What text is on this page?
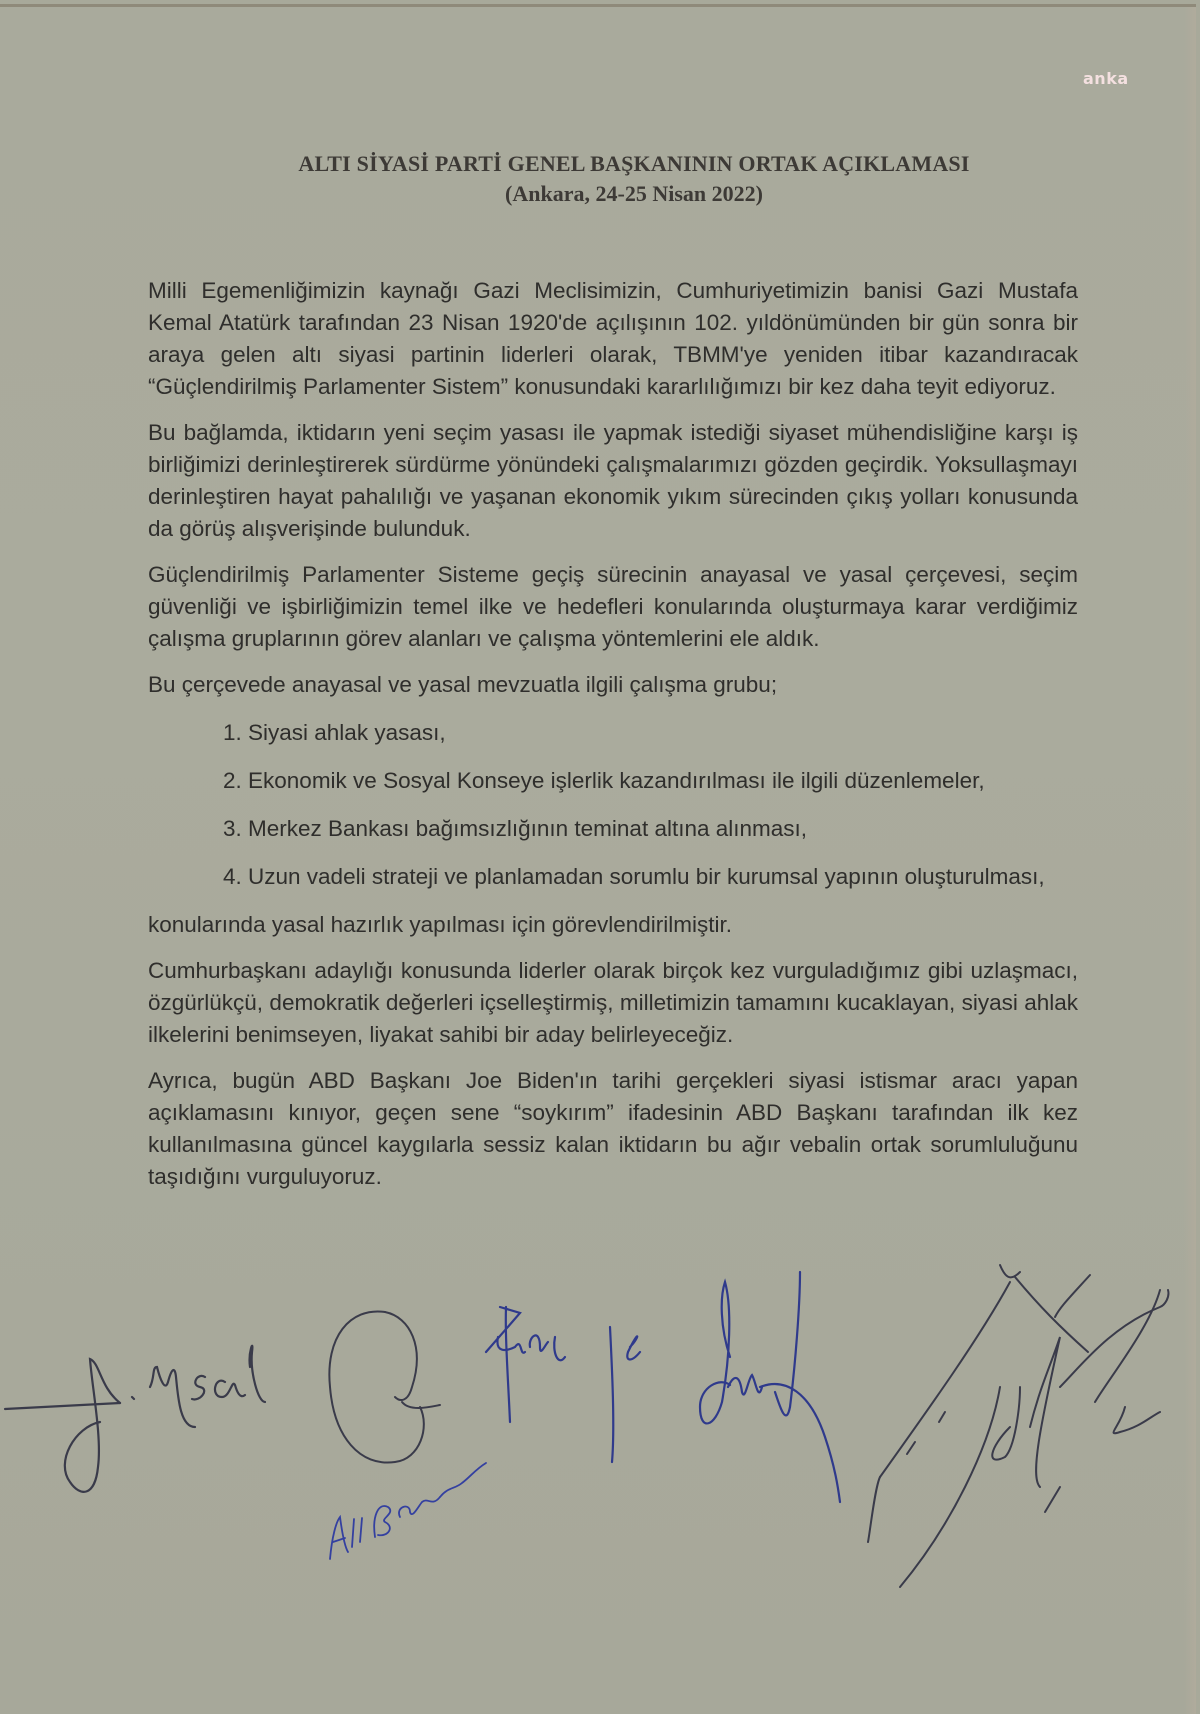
anka
ALTI SİYASİ PARTİ GENEL BAŞKANININ ORTAK AÇIKLAMASI
(Ankara, 24-25 Nisan 2022)

Milli Egemenliğimizin kaynağı Gazi Meclisimizin, Cumhuriyetimizin banisi Gazi Mustafa Kemal Atatürk tarafından 23 Nisan 1920'de açılışının 102. yıldönümünden bir gün sonra bir araya gelen altı siyasi partinin liderleri olarak, TBMM'ye yeniden itibar kazandıracak “Güçlendirilmiş Parlamenter Sistem” konusundaki kararlılığımızı bir kez daha teyit ediyoruz.

Bu bağlamda, iktidarın yeni seçim yasası ile yapmak istediği siyaset mühendisliğine karşı iş birliğimizi derinleştirerek sürdürme yönündeki çalışmalarımızı gözden geçirdik. Yoksullaşmayı derinleştiren hayat pahalılığı ve yaşanan ekonomik yıkım sürecinden çıkış yolları konusunda da görüş alışverişinde bulunduk.

Güçlendirilmiş Parlamenter Sisteme geçiş sürecinin anayasal ve yasal çerçevesi, seçim güvenliği ve işbirliğimizin temel ilke ve hedefleri konularında oluşturmaya karar verdiğimiz çalışma gruplarının görev alanları ve çalışma yöntemlerini ele aldık.

Bu çerçevede anayasal ve yasal mevzuatla ilgili çalışma grubu;

1. Siyasi ahlak yasası,
2. Ekonomik ve Sosyal Konseye işlerlik kazandırılması ile ilgili düzenlemeler,
3. Merkez Bankası bağımsızlığının teminat altına alınması,
4. Uzun vadeli strateji ve planlamadan sorumlu bir kurumsal yapının oluşturulması,

konularında yasal hazırlık yapılması için görevlendirilmiştir.

Cumhurbaşkanı adaylığı konusunda liderler olarak birçok kez vurguladığımız gibi uzlaşmacı, özgürlükçü, demokratik değerleri içselleştirmiş, milletimizin tamamını kucaklayan, siyasi ahlak ilkelerini benimseyen, liyakat sahibi bir aday belirleyeceğiz.

Ayrıca, bugün ABD Başkanı Joe Biden'ın tarihi gerçekleri siyasi istismar aracı yapan açıklamasını kınıyor, geçen sene “soykırım” ifadesinin ABD Başkanı tarafından ilk kez kullanılmasına güncel kaygılarla sessiz kalan iktidarın bu ağır vebalin ortak sorumluluğunu taşıdığını vurguluyoruz.
